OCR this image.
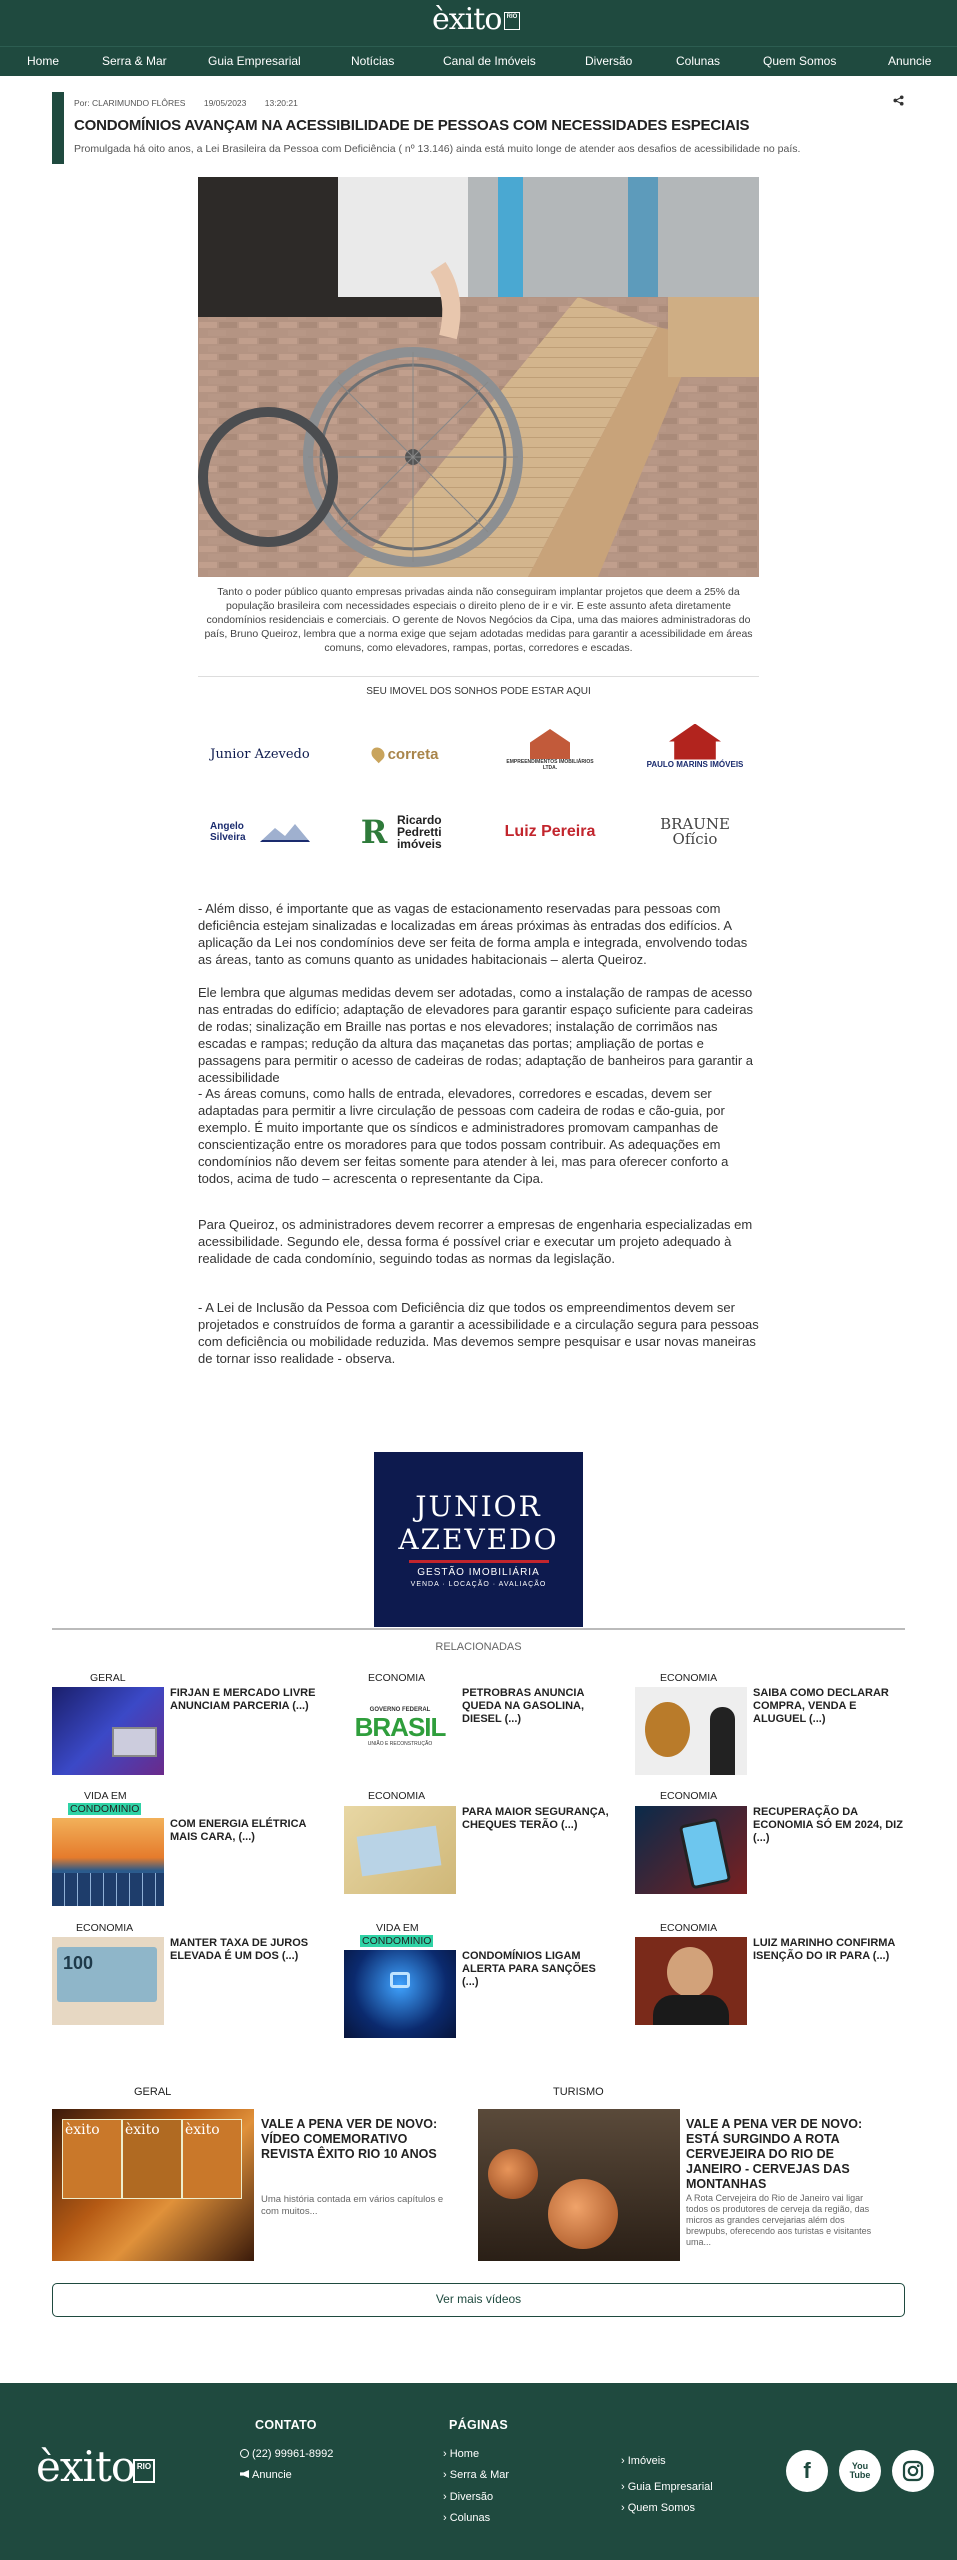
èxito RIO
Home	Serra & Mar	Guia Empresarial	Notícias	Canal de Imóveis	Diversão	Colunas	Quem Somos	Anuncie
Por: CLARIMUNDO FLÔRES 19/05/2023 13:20:21
CONDOMÍNIOS AVANÇAM NA ACESSIBILIDADE DE PESSOAS COM NECESSIDADES ESPECIAIS

Promulgada há oito anos, a Lei Brasileira da Pessoa com Deficiência ( nº 13.146) ainda está muito longe de atender aos desafios de acessibilidade no país.

Tanto o poder público quanto empresas privadas ainda não conseguiram implantar projetos que deem a 25% da população brasileira com necessidades especiais o direito pleno de ir e vir. E este assunto afeta diretamente condomínios residenciais e comerciais. O gerente de Novos Negócios da Cipa, uma das maiores administradoras do país, Bruno Queiroz, lembra que a norma exige que sejam adotadas medidas para garantir a acessibilidade em áreas comuns, como elevadores, rampas, portas, corredores e escadas.

SEU IMOVEL DOS SONHOS PODE ESTAR AQUI
Junior Azevedo	correta	EMPREENDIMENTOS IMOBILIÁRIOS LTDA.	PAULO MARINS IMÓVEIS
Angelo Silveira	R Ricardo Pedretti imóveis
Luiz Pereira	BRAUNE Ofício

- Além disso, é importante que as vagas de estacionamento reservadas para pessoas com deficiência estejam sinalizadas e localizadas em áreas próximas às entradas dos edifícios. A aplicação da Lei nos condomínios deve ser feita de forma ampla e integrada, envolvendo todas as áreas, tanto as comuns quanto as unidades habitacionais – alerta Queiroz.

Ele lembra que algumas medidas devem ser adotadas, como a instalação de rampas de acesso nas entradas do edifício; adaptação de elevadores para garantir espaço suficiente para cadeiras de rodas; sinalização em Braille nas portas e nos elevadores; instalação de corrimãos nas escadas e rampas; redução da altura das maçanetas das portas; ampliação de portas e passagens para permitir o acesso de cadeiras de rodas; adaptação de banheiros para garantir a acessibilidade

- As áreas comuns, como halls de entrada, elevadores, corredores e escadas, devem ser adaptadas para permitir a livre circulação de pessoas com cadeira de rodas e cão-guia, por exemplo. É muito importante que os síndicos e administradores promovam campanhas de conscientização entre os moradores para que todos possam contribuir. As adequações em condomínios não devem ser feitas somente para atender à lei, mas para oferecer conforto a todos, acima de tudo – acrescenta o representante da Cipa.

Para Queiroz, os administradores devem recorrer a empresas de engenharia especializadas em acessibilidade. Segundo ele, dessa forma é possível criar e executar um projeto adequado à realidade de cada condomínio, seguindo todas as normas da legislação.

- A Lei de Inclusão da Pessoa com Deficiência diz que todos os empreendimentos devem ser projetados e construídos de forma a garantir a acessibilidade e a circulação segura para pessoas com deficiência ou mobilidade reduzida. Mas devemos sempre pesquisar e usar novas maneiras de tornar isso realidade - observa.

JUNIOR
AZEVEDO
GESTÃO IMOBILIÁRIA
VENDA · LOCAÇÃO · AVALIAÇÃO
RELACIONADAS
GERAL
FIRJAN E MERCADO LIVRE ANUNCIAM PARCERIA (...)
ECONOMIA
GOVERNO FEDERAL
BRASIL
UNIÃO E RECONSTRUÇÃO
PETROBRAS ANUNCIA QUEDA NA GASOLINA, DIESEL (...)
ECONOMIA
SAIBA COMO DECLARAR COMPRA, VENDA E ALUGUEL (...)
VIDA EM
CONDOMINIO
COM ENERGIA ELÉTRICA MAIS CARA, (...)
ECONOMIA
PARA MAIOR SEGURANÇA, CHEQUES TERÃO (...)
ECONOMIA
RECUPERAÇÃO DA ECONOMIA SÓ EM 2024, DIZ (...)
ECONOMIA
100
MANTER TAXA DE JUROS ELEVADA É UM DOS (...)
VIDA EM
CONDOMINIO
CONDOMÍNIOS LIGAM ALERTA PARA SANÇÕES (...)
ECONOMIA
LUIZ MARINHO CONFIRMA ISENÇÃO DO IR PARA (...)
GERAL
èxito	èxito	èxito	VALE A PENA VER DE NOVO: VÍDEO COMEMORATIVO REVISTA ÊXITO RIO 10 ANOS
Uma história contada em vários capítulos e com muitos...
TURISMO
VALE A PENA VER DE NOVO: ESTÁ SURGINDO A ROTA CERVEJEIRA DO RIO DE JANEIRO - CERVEJAS DAS MONTANHAS
A Rota Cervejeira do Rio de Janeiro vai ligar todos os produtores de cerveja da região, das micros as grandes cervejarias além dos brewpubs, oferecendo aos turistas e visitantes uma...
Ver mais vídeos
èxito RIO
CONTATO
(22) 99961-8992
Anuncie
PÁGINAS
› Home
› Serra & Mar
› Diversão
› Colunas
› Imóveis
› Guia Empresarial
› Quem Somos
f	You Tube
